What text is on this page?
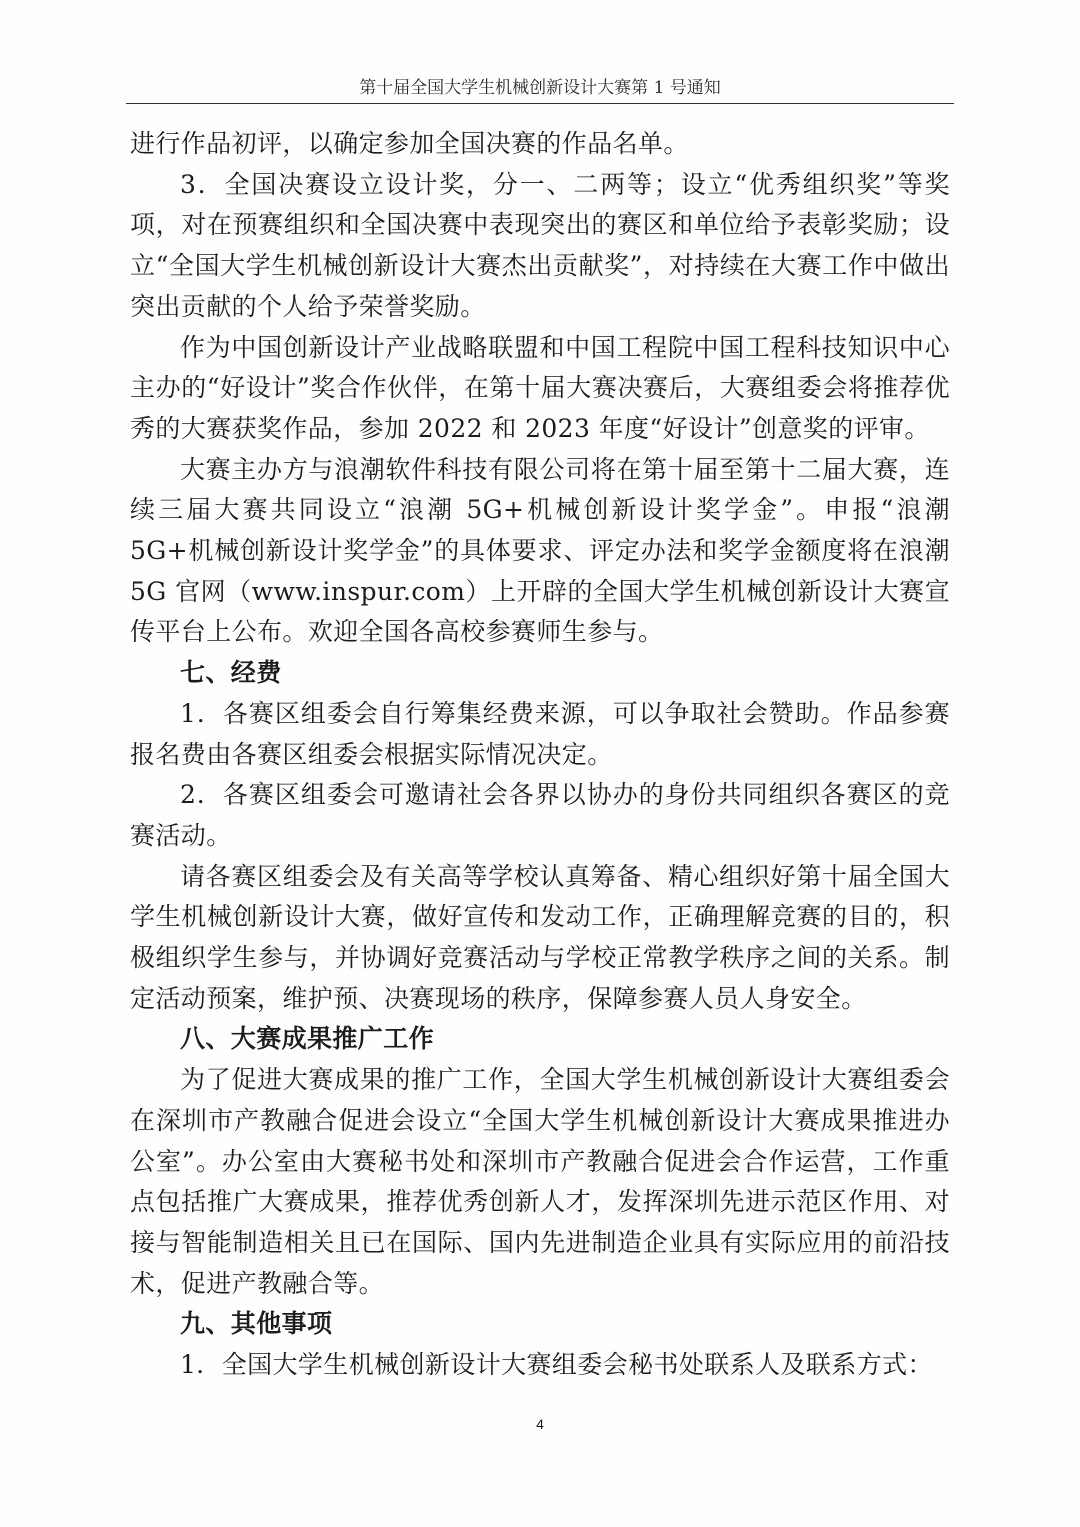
第十届全国大学生机械创新设计大赛第 1 号通知

进行作品初评，以确定参加全国决赛的作品名单。

3．全国决赛设立设计奖，分一、二两等；设立“优秀组织奖”等奖项，对在预赛组织和全国决赛中表现突出的赛区和单位给予表彰奖励；设立“全国大学生机械创新设计大赛杰出贡献奖”，对持续在大赛工作中做出突出贡献的个人给予荣誉奖励。

作为中国创新设计产业战略联盟和中国工程院中国工程科技知识中心主办的“好设计”奖合作伙伴，在第十届大赛决赛后，大赛组委会将推荐优秀的大赛获奖作品，参加 2022 和 2023 年度“好设计”创意奖的评审。

大赛主办方与浪潮软件科技有限公司将在第十届至第十二届大赛，连续三届大赛共同设立“浪潮 5G+机械创新设计奖学金”。申报“浪潮 5G+机械创新设计奖学金”的具体要求、评定办法和奖学金额度将在浪潮 5G 官网（www.inspur.com）上开辟的全国大学生机械创新设计大赛宣传平台上公布。欢迎全国各高校参赛师生参与。

七、经费

1．各赛区组委会自行筹集经费来源，可以争取社会赞助。作品参赛报名费由各赛区组委会根据实际情况决定。

2．各赛区组委会可邀请社会各界以协办的身份共同组织各赛区的竞赛活动。

请各赛区组委会及有关高等学校认真筹备、精心组织好第十届全国大学生机械创新设计大赛，做好宣传和发动工作，正确理解竞赛的目的，积极组织学生参与，并协调好竞赛活动与学校正常教学秩序之间的关系。制定活动预案，维护预、决赛现场的秩序，保障参赛人员人身安全。

八、大赛成果推广工作

为了促进大赛成果的推广工作，全国大学生机械创新设计大赛组委会在深圳市产教融合促进会设立“全国大学生机械创新设计大赛成果推进办公室”。办公室由大赛秘书处和深圳市产教融合促进会合作运营，工作重点包括推广大赛成果，推荐优秀创新人才，发挥深圳先进示范区作用、对接与智能制造相关且已在国际、国内先进制造企业具有实际应用的前沿技术，促进产教融合等。

九、其他事项

1．全国大学生机械创新设计大赛组委会秘书处联系人及联系方式：

4
